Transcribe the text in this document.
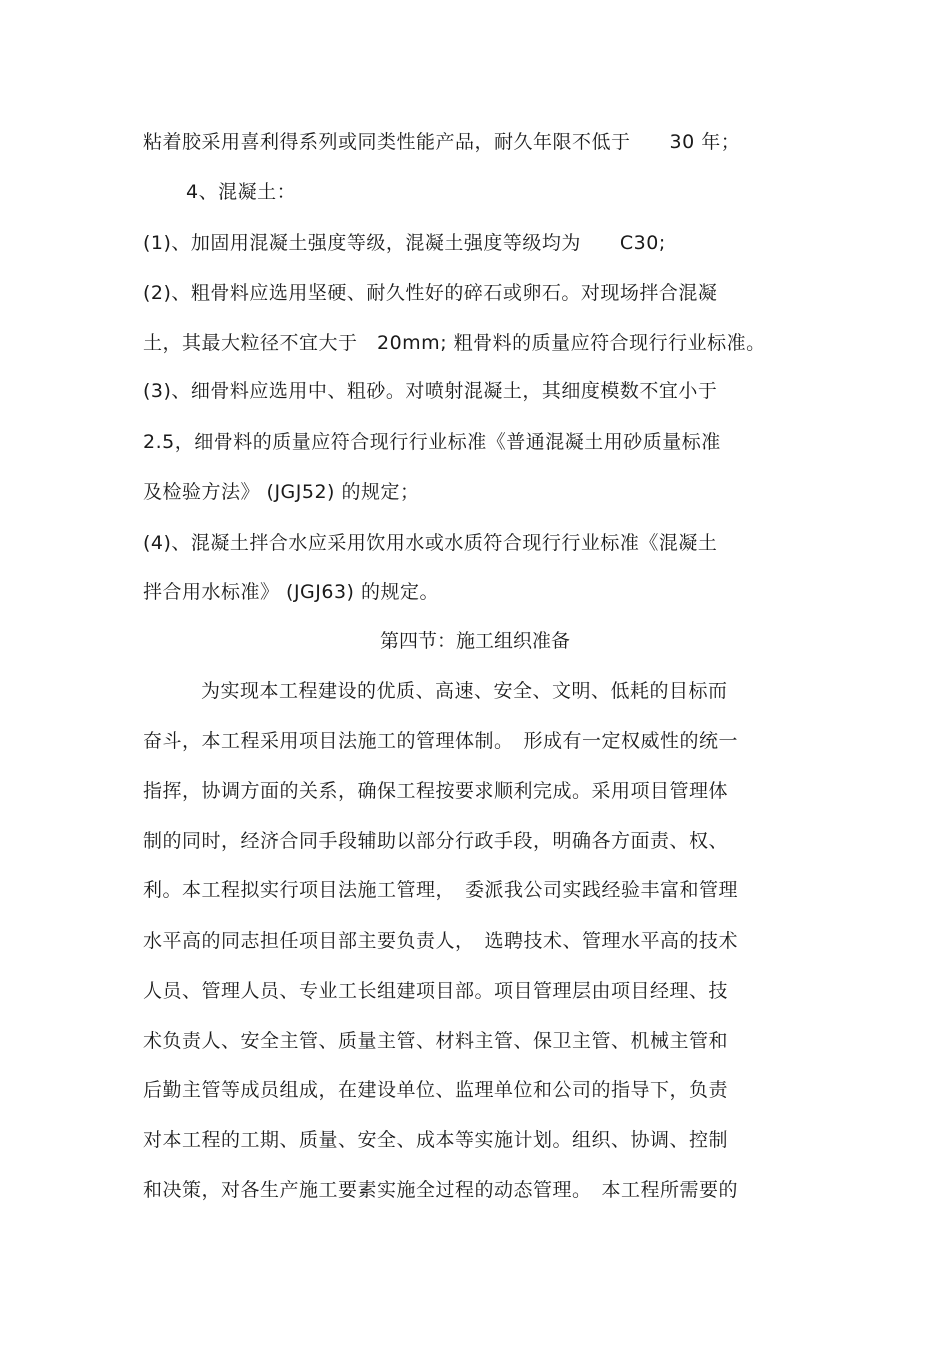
粘着胶采用喜利得系列或同类性能产品，耐久年限不低于　　30 年；
4、混凝土：
(1)、加固用混凝土强度等级，混凝土强度等级均为　　C30;
(2)、粗骨料应选用坚硬、耐久性好的碎石或卵石。对现场拌合混凝
土，其最大粒径不宜大于　20mm; 粗骨料的质量应符合现行行业标准。
(3)、细骨料应选用中、粗砂。对喷射混凝土，其细度模数不宜小于
2.5，细骨料的质量应符合现行行业标准《普通混凝土用砂质量标准
及检验方法》 (JGJ52) 的规定；
(4)、混凝土拌合水应采用饮用水或水质符合现行行业标准《混凝土
拌合用水标准》 (JGJ63) 的规定。
第四节：施工组织准备
为实现本工程建设的优质、高速、安全、文明、低耗的目标而
奋斗，本工程采用项目法施工的管理体制。　形成有一定权威性的统一
指挥，协调方面的关系，确保工程按要求顺利完成。采用项目管理体
制的同时，经济合同手段辅助以部分行政手段，明确各方面责、权、
利。本工程拟实行项目法施工管理，　委派我公司实践经验丰富和管理
水平高的同志担任项目部主要负责人，　选聘技术、管理水平高的技术
人员、管理人员、专业工长组建项目部。项目管理层由项目经理、技
术负责人、安全主管、质量主管、材料主管、保卫主管、机械主管和
后勤主管等成员组成，在建设单位、监理单位和公司的指导下，负责
对本工程的工期、质量、安全、成本等实施计划。组织、协调、控制
和决策，对各生产施工要素实施全过程的动态管理。　本工程所需要的
